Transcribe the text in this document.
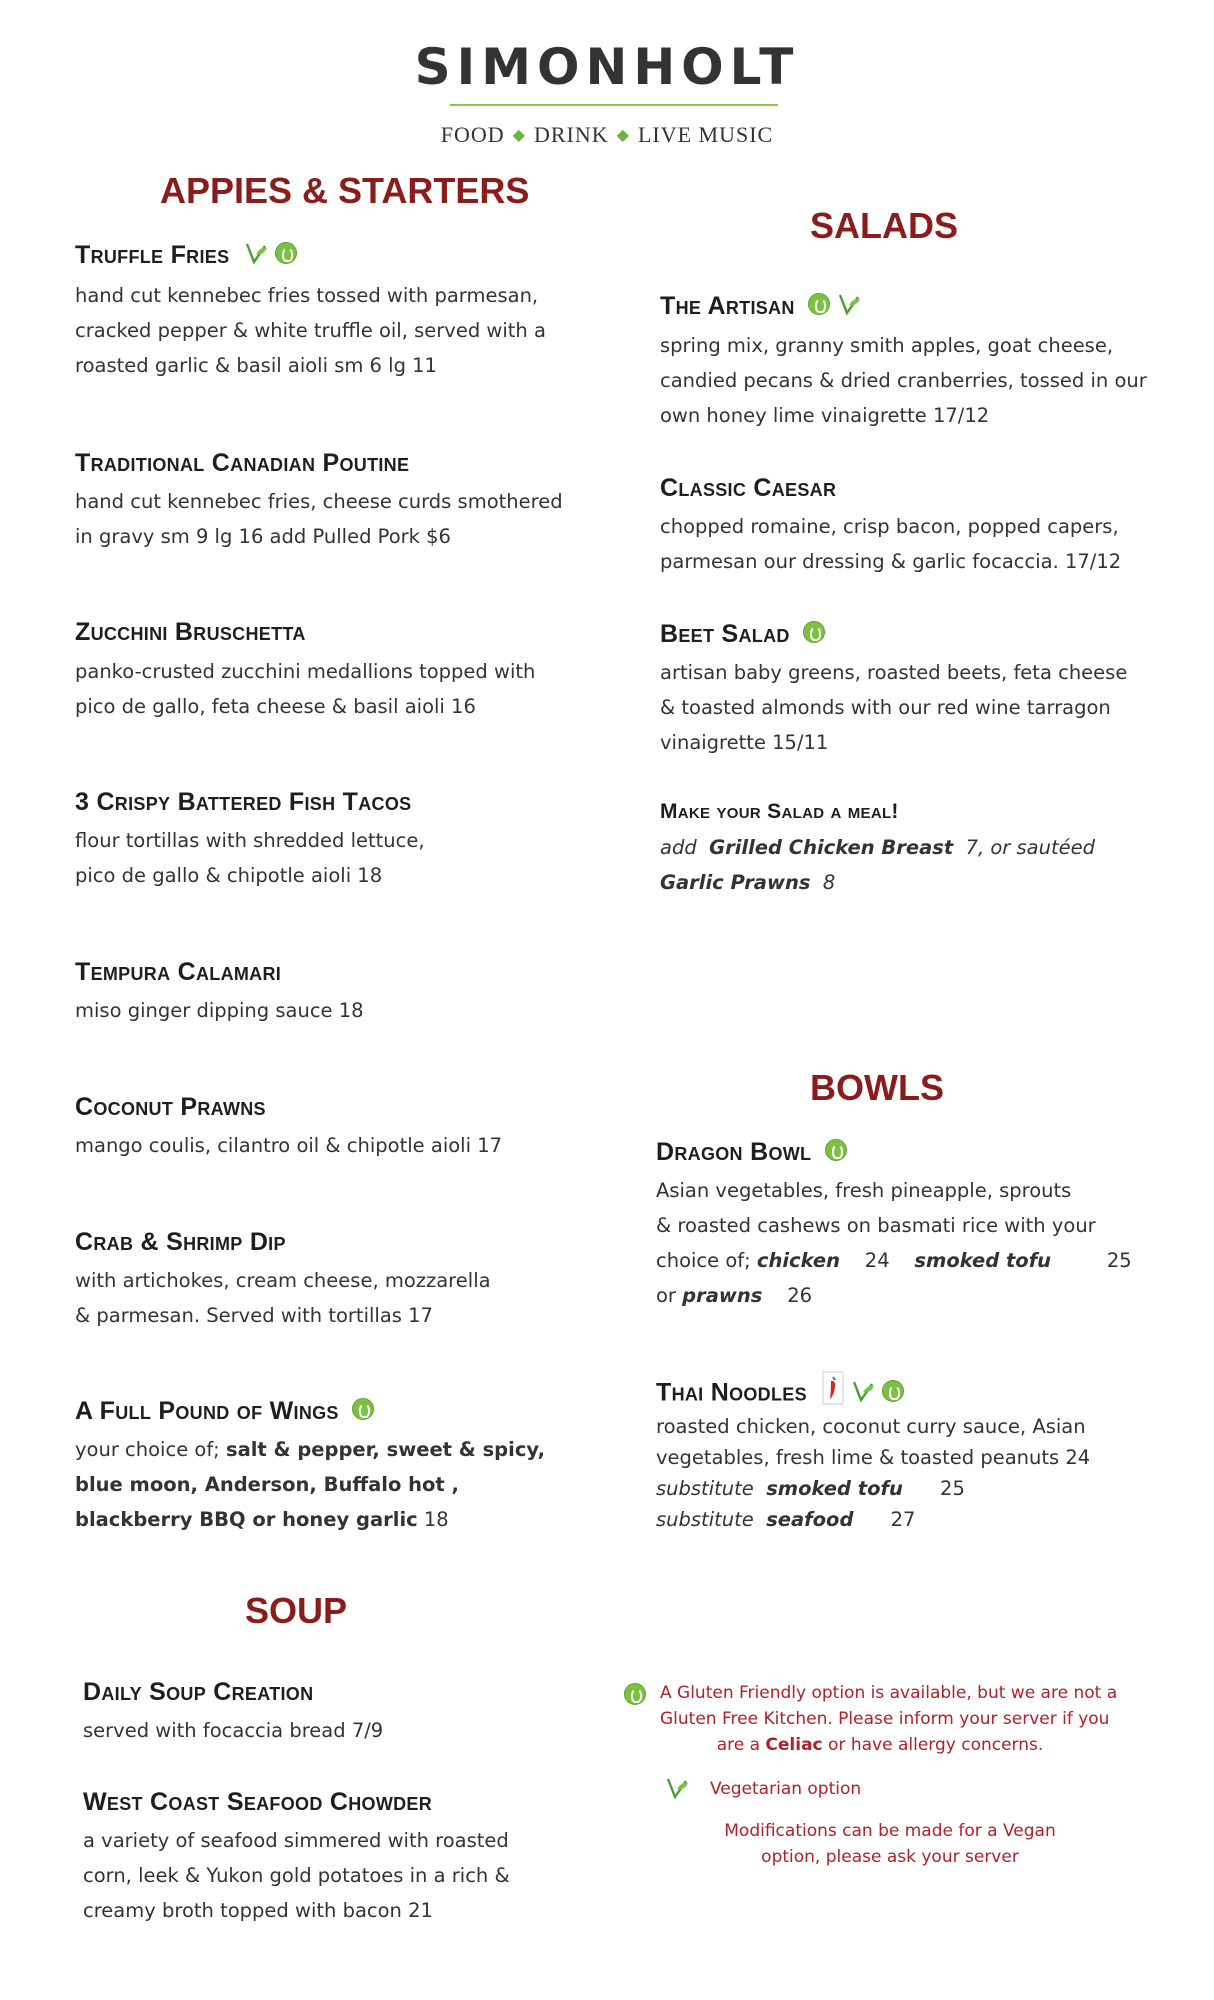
SIMONHOLT
FOOD ◆ DRINK ◆ LIVE MUSIC
APPIES & STARTERS
Truffle Fries
hand cut kennebec fries tossed with parmesan,
cracked pepper & white truffle oil, served with a
roasted garlic & basil aioli sm 6 lg 11
Traditional Canadian Poutine
hand cut kennebec fries, cheese curds smothered
in gravy sm 9 lg 16 add Pulled Pork $6
Zucchini Bruschetta
panko-crusted zucchini medallions topped with
pico de gallo, feta cheese & basil aioli 16
3 Crispy Battered Fish Tacos
flour tortillas with shredded lettuce,
pico de gallo & chipotle aioli 18
Tempura Calamari
miso ginger dipping sauce 18
Coconut Prawns
mango coulis, cilantro oil & chipotle aioli 17
Crab & Shrimp Dip
with artichokes, cream cheese, mozzarella
& parmesan. Served with tortillas 17
A Full Pound of Wings
your choice of; salt & pepper, sweet & spicy,
blue moon, Anderson, Buffalo hot ,
blackberry BBQ or honey garlic 18
SALADS
The Artisan
spring mix, granny smith apples, goat cheese,
candied pecans & dried cranberries, tossed in our
own honey lime vinaigrette 17/12
Classic Caesar
chopped romaine, crisp bacon, popped capers,
parmesan our dressing & garlic focaccia. 17/12
Beet Salad
artisan baby greens, roasted beets, feta cheese
& toasted almonds with our red wine tarragon
vinaigrette 15/11
Make your Salad a meal!
add Grilled Chicken Breast 7, or sautéed
Garlic Prawns 8
BOWLS
Dragon Bowl
Asian vegetables, fresh pineapple, sprouts
& roasted cashews on basmati rice with your
choice of; chicken    24    smoked tofu         25
or prawns    26
Thai Noodles
roasted chicken, coconut curry sauce, Asian
vegetables, fresh lime & toasted peanuts 24
substitute smoked tofu      25
substitute seafood      27
SOUP
Daily Soup Creation
served with focaccia bread 7/9
West Coast Seafood Chowder
a variety of seafood simmered with roasted
corn, leek & Yukon gold potatoes in a rich &
creamy broth topped with bacon 21
A Gluten Friendly option is available, but we are not a
Gluten Free Kitchen. Please inform your server if you
are a Celiac or have allergy concerns.
Vegetarian option
Modifications can be made for a Vegan
option, please ask your server
